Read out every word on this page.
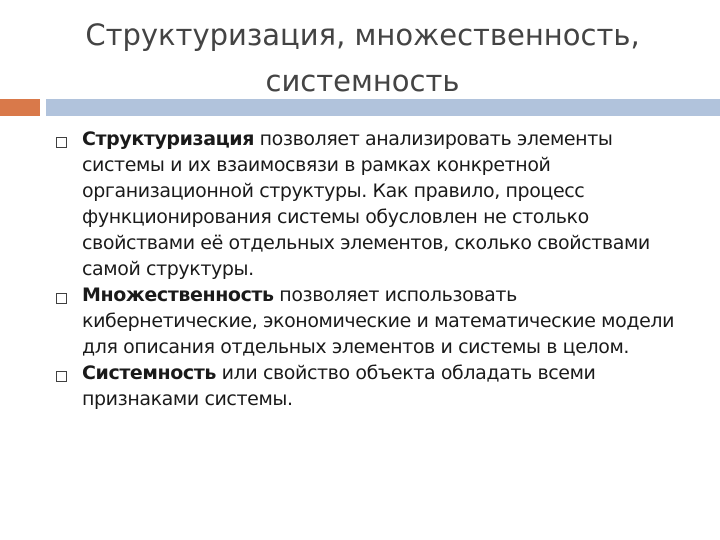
Структуризация, множественность,
системность
Структуризация позволяет анализировать элементы системы и их взаимосвязи в рамках конкретной организационной структуры. Как правило, процесс функционирования системы обусловлен не столько свойствами её отдельных элементов, сколько свойствами самой структуры.
Множественность позволяет использовать кибернетические, экономические и математические модели для описания отдельных элементов и системы в целом.
Системность или свойство объекта обладать всеми признаками системы.
